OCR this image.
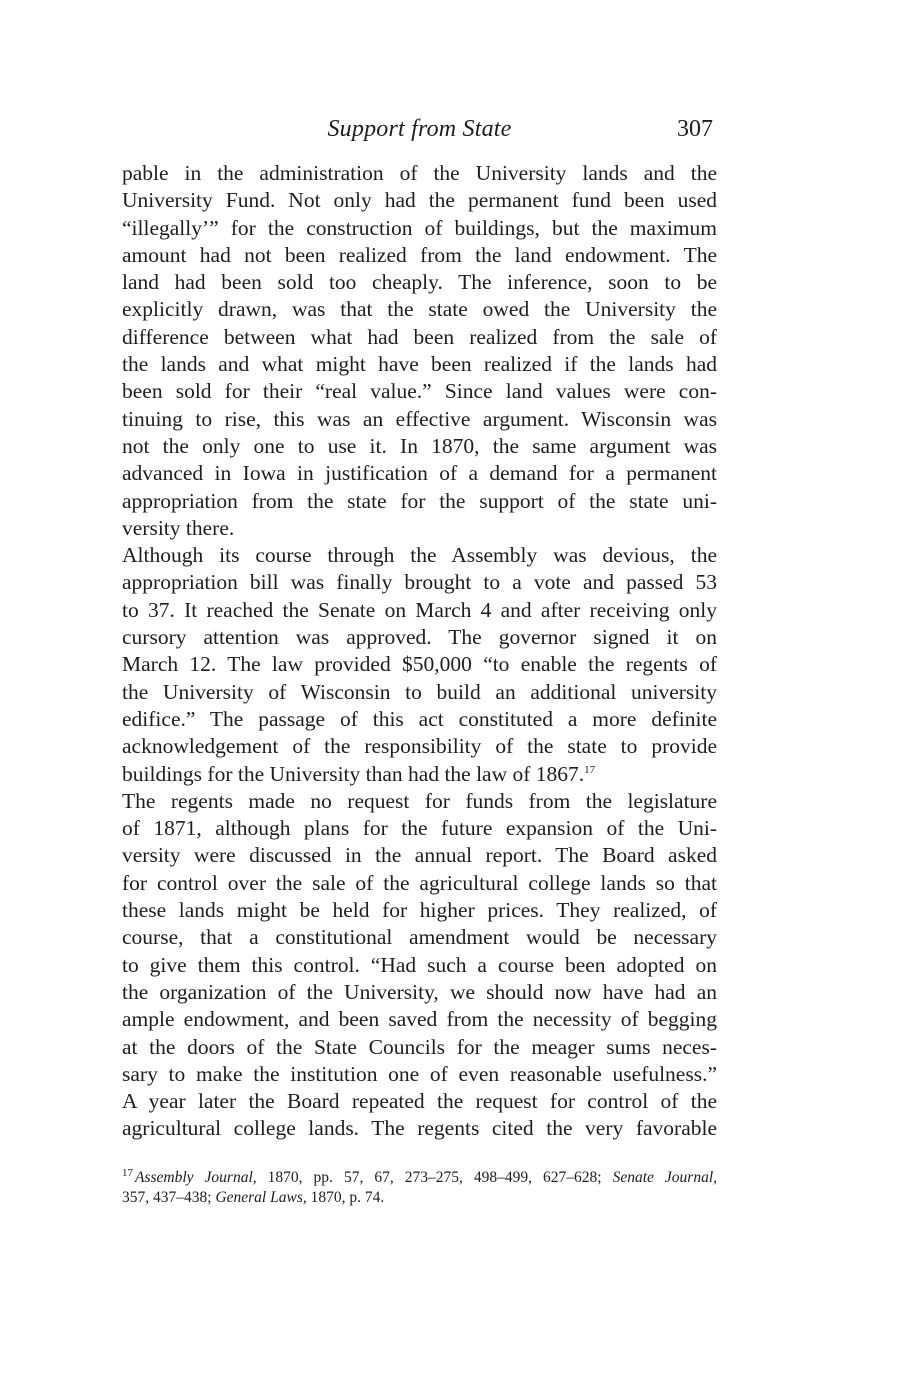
Support from State	307
pable in the administration of the University lands and the
University Fund. Not only had the permanent fund been used
“illegally’” for the construction of buildings, but the maximum
amount had not been realized from the land endowment. The
land had been sold too cheaply. The inference, soon to be
explicitly drawn, was that the state owed the University the
difference between what had been realized from the sale of
the lands and what might have been realized if the lands had
been sold for their “real value.” Since land values were con-
tinuing to rise, this was an effective argument. Wisconsin was
not the only one to use it. In 1870, the same argument was
advanced in Iowa in justification of a demand for a permanent
appropriation from the state for the support of the state uni-
versity there.
Although its course through the Assembly was devious, the
appropriation bill was finally brought to a vote and passed 53
to 37. It reached the Senate on March 4 and after receiving only
cursory attention was approved. The governor signed it on
March 12. The law provided $50,000 “to enable the regents of
the University of Wisconsin to build an additional university
edifice.” The passage of this act constituted a more definite
acknowledgement of the responsibility of the state to provide
buildings for the University than had the law of 1867.17
The regents made no request for funds from the legislature
of 1871, although plans for the future expansion of the Uni-
versity were discussed in the annual report. The Board asked
for control over the sale of the agricultural college lands so that
these lands might be held for higher prices. They realized, of
course, that a constitutional amendment would be necessary
to give them this control. “Had such a course been adopted on
the organization of the University, we should now have had an
ample endowment, and been saved from the necessity of begging
at the doors of the State Councils for the meager sums neces-
sary to make the institution one of even reasonable usefulness.”
A year later the Board repeated the request for control of the
agricultural college lands. The regents cited the very favorable
$^{17}$ Assembly Journal, 1870, pp. 57, 67, 273–275, 498–499, 627–628; Senate Journal,
357, 437–438; General Laws, 1870, p. 74.
